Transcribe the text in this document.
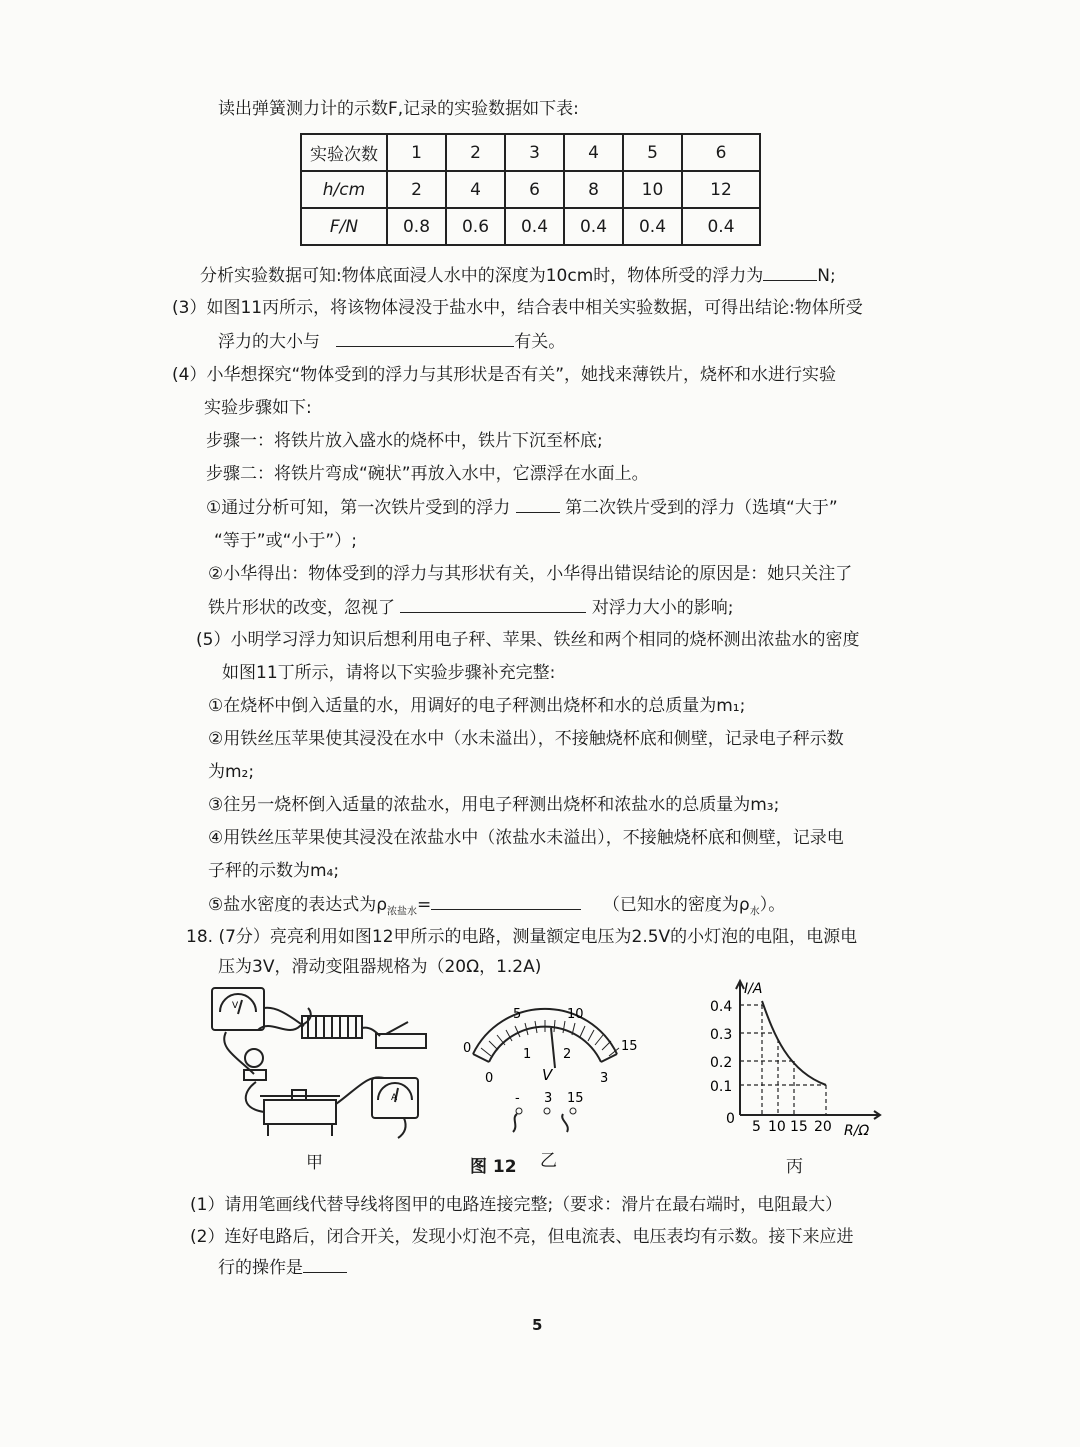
读出弹簧测力计的示数F,记录的实验数据如下表:
实验次数	1	2	3	4	5	6
h/cm	2	4	6	8	10	12
F/N	0.8	0.6	0.4	0.4	0.4	0.4
分析实验数据可知:物体底面浸人水中的深度为10cm时，物体所受的浮力为	N;
(3）如图11丙所示，将该物体浸没于盐水中，结合表中相关实验数据，可得出结论:物体所受
浮力的大小与	有关。
(4）小华想探究“物体受到的浮力与其形状是否有关”，她找来薄铁片，烧杯和水进行实验
实验步骤如下:
步骤一：将铁片放入盛水的烧杯中，铁片下沉至杯底;
步骤二：将铁片弯成“碗状”再放入水中，它漂浮在水面上。
①通过分析可知，第一次铁片受到的浮力	第二次铁片受到的浮力（选填“大于”
“等于”或“小于”）;
②小华得出：物体受到的浮力与其形状有关，小华得出错误结论的原因是：她只关注了
铁片形状的改变，忽视了	对浮力大小的影响;
(5）小明学习浮力知识后想利用电子秤、苹果、铁丝和两个相同的烧杯测出浓盐水的密度
如图11丁所示，请将以下实验步骤补充完整:
①在烧杯中倒入适量的水，用调好的电子秤测出烧杯和水的总质量为m₁;
②用铁丝压苹果使其浸没在水中（水未溢出），不接触烧杯底和侧壁，记录电子秤示数
为m₂;
③往另一烧杯倒入适量的浓盐水，用电子秤测出烧杯和浓盐水的总质量为m₃;
④用铁丝压苹果使其浸没在浓盐水中（浓盐水未溢出），不接触烧杯底和侧壁，记录电
子秤的示数为m₄;
⑤盐水密度的表达式为$\rho_{浓盐水}=$	（已知水的密度为$\rho_水$）。
18. (7分）亮亮利用如图12甲所示的电路，测量额定电压为2.5V的小灯泡的电阻，电源电
压为3V，滑动变阻器规格为（20Ω，1.2A)
V
A
甲
0
5	10
15
0
1 2
3
V
- 3 15
图 12 乙
I/A
R/Ω
0
0.1
0.2
0.3
0.4
5 10 15 20
丙
(1）请用笔画线代替导线将图甲的电路连接完整;（要求：滑片在最右端时，电阻最大）
(2）连好电路后，闭合开关，发现小灯泡不亮，但电流表、电压表均有示数。接下来应进
行的操作是
5
